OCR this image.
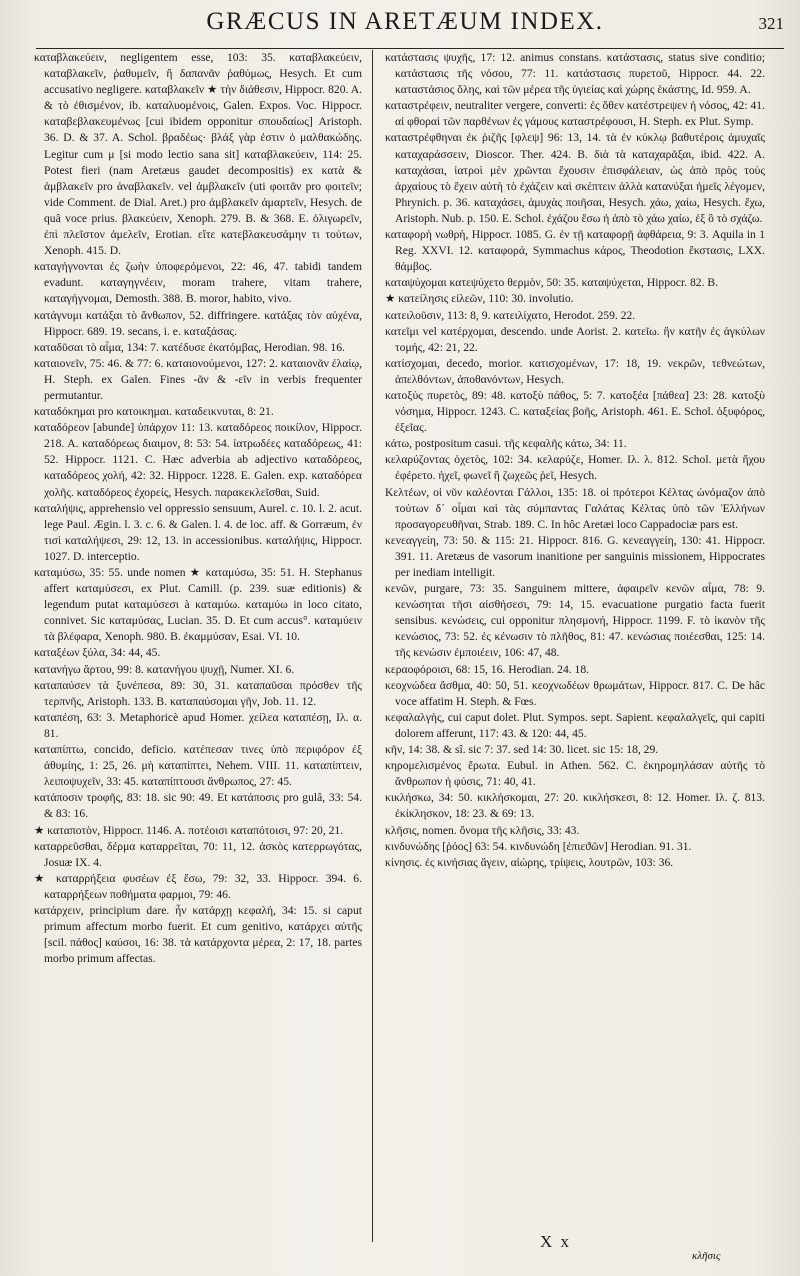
GRÆCUS IN ARETÆUM INDEX.	321

καταβλακεύειν, negligentem esse, 103: 35. καταβλακεύειν, καταβλακεῖν, ῥαθυμεῖν, ἢ δαπανᾶν ῥαθύμως, Hesych. Et cum accusativo negligere. καταβλακεῖν ★ τὴν διάθεσιν, Hippocr. 820. A. & τὸ ἐθισμένον, ib. καταλυομένοις, Galen. Expos. Voc. Hippocr. καταβεβλακευμένως [cui ibidem opponitur σπουδαίως] Aristoph. 36. D. & 37. A. Schol. βραδέως· βλάξ γὰρ ἐστιν ὁ μαλθακώδης. Legitur cum μ [si modo lectio sana sit] καταβλακεύειν, 114: 25. Potest fieri (nam Aretæus gaudet decompositis) ex κατὰ & ἀμβλακεῖν pro ἀναβλακεῖν. vel ἀμβλακεῖν (uti φοιτᾶν pro φοιτεῖν; vide Comment. de Dial. Aret.) pro ἀμβλακεῖν ἁμαρτεῖν, Hesych. de quâ voce prius. βλακεύειν, Xenoph. 279. B. & 368. E. ὀλιγωρεῖν, ἐπὶ πλεῖστον ἀμελεῖν, Erotian. εἴτε κατεβλακευσάμην τι τούτων, Xenoph. 415. D.

καταγήγνονται ἐς ζωὴν ὑποφερόμενοι, 22: 46, 47. tabidi tandem evadunt. καταγηγνέειν, moram trahere, vitam trahere, καταγήγνομαι, Demosth. 388. B. moror, habito, vivo.

κατάγνυμι κατάξαι τὸ ἄνθωπον, 52. diffringere. κατάξας τὸν αὐχένα, Hippocr. 689. 19. secans, i. e. καταξάσας.

καταδῦσαι τὸ αἷμα, 134: 7. κατέδυσε ἐκατόμβας, Herodian. 98. 16.

καταιονεῖν, 75: 46. & 77: 6. καταιονούμενοι, 127: 2. καταιονᾶν ἐλαίῳ, H. Steph. ex Galen. Fines -ᾶν & -εῖν in verbis frequenter permutantur.

καταδόκημαι pro κατοικημαι. καταδεικνυται, 8: 21.

καταδόρεον [abunde] ὑπάρχον 11: 13. καταδόρεος ποικίλον, Hippocr. 218. A. καταδόρεως διαιμον, 8: 53: 54. ἰατρωδέες καταδόρεως, 41: 52. Hippocr. 1121. C. Hæc adverbia ab adjectivo καταδόρεος, καταδόρεος χολή, 42: 32. Hippocr. 1228. E. Galen. exp. καταδόρεα χολῆς. καταδόρεος ἐχορείς, Hesych. παρακεκλεῖσθαι, Suid.

καταλήψις, apprehensio vel oppressio sensuum, Aurel. c. 10. l. 2. acut. lege Paul. Ægin. l. 3. c. 6. & Galen. l. 4. de loc. aff. & Gorræum, ἐν τισὶ καταλήψεσι, 29: 12, 13. in accessionibus. καταλήψις, Hippocr. 1027. D. interceptio.

καταμύσω, 35: 55. unde nomen ★ καταμύσω, 35: 51. H. Stephanus affert καταμύσεσι, ex Plut. Camill. (p. 239. suæ editionis) & legendum putat καταμύσεσι à καταμύω. καταμύω in loco citato, connivet. Sic καταμύσας, Lucian. 35. D. Et cum accus°. καταμύειν τὰ βλέφαρα, Xenoph. 980. B. ἐκαμμύσαν, Esai. VI. 10.

καταξέων ξύλα, 34: 44, 45.

κατανήγω ἄρτου, 99: 8. κατανήγου ψυχῇ, Numer. XI. 6.

καταπαύσεν τὰ ξυνέπεσα, 89: 30, 31. καταπαῦσαι πρόσθεν τῆς τερπνῆς, Aristoph. 133. B. καταπαύσομαι γῆν, Job. 11. 12.

καταπέση, 63: 3. Metaphoricè apud Homer. χείλεα καταπέσῃ, Ιλ. α. 81.

καταπίπτω, concido, deficio. κατέπεσαν τινες ὑπὸ περιφόρον ἐξ ἀθυμίης, 1: 25, 26. μὴ καταπίπτει, Nehem. VIII. 11. καταπίπτειν, λειποψυχεῖν, 33: 45. καταπίπτουσι ἄνθρωπος, 27: 45.

κατάποσιν τροφῆς, 83: 18. sic 90: 49. Et κατάποσις pro gulâ, 33: 54. & 83: 16.

★ καταποτὸν, Hippocr. 1146. A. ποτέοισι καταπότοισι, 97: 20, 21.

καταρρεῦσθαι, δέρμα καταρρεῖται, 70: 11, 12. ἀσκὸς κατερρωγότας, Josuæ IX. 4.

★ καταρρήξεια φυσέων ἐξ ἔσω, 79: 32, 33. Hippocr. 394. 6. καταρρήξεων ποθήματα φαρμοι, 79: 46.

κατάρχειν, principium dare. ἦν κατάρχῃ κεφαλή, 34: 15. si caput primum affectum morbo fuerit. Et cum genitivo, κατάρχει αὐτῆς [scil. πάθος] καύσοι, 16: 38. τὰ κατάρχοντα μέρεα, 2: 17, 18. partes morbo primum affectas.

κατάστασις ψυχῆς, 17: 12. animus constans. κατάστασις, status sive conditio; κατάστασις τῆς νόσου, 77: 11. κατάστασις πυρετοῦ, Hippocr. 44. 22. καταστάσιος ὅλης, καὶ τῶν μέρεα τῆς ὑγιείας καὶ χώρης ἑκάστης, Id. 959. A.

καταστρέφειν, neutraliter vergere, converti: ἐς ὅθεν κατέστρεψεν ἡ νόσος, 42: 41. αἱ φθοραὶ τῶν παρθένων ἐς γάμους καταστρέφουσι, H. Steph. ex Plut. Symp.

καταστρέφθηναι ἐκ ῥιζῆς [φλεψ] 96: 13, 14. τὰ ἐν κύκλῳ βαθυτέροις ἀμυχαῖς καταχαράσσειν, Dioscor. Ther. 424. B. διὰ τὰ καταχαρᾶξαι, ibid. 422. A. καταχάσαι, ἰατροὶ μὲν χρῶνται ἔχουσιν ἐπισφάλειαν, ὡς ἀπὸ πρὸς τοὺς ἀρχαίους τὸ ἔχειν αὐτὴ τὸ ἐχάζειν καὶ σκέπτειν ἀλλὰ κατανύξαι ἡμεῖς λέγομεν, Phrynich. p. 36. καταχάσει, ἀμυχὰς ποιῆσαι, Hesych. χάω, χαίω, Hesych. ἔχω, Aristoph. Nub. p. 150. E. Schol. ἐχάζου ἔσω ἡ ἀπὸ τὸ χάω χαίω, ἐξ ὃ τὸ σχάζω.

καταφορὴ νωθρὴ, Hippocr. 1085. G. ἐν τῇ καταφορῇ ἀφθάρεια, 9: 3. Aquila in 1 Reg. XXVI. 12. καταφορά, Symmachus κάρος, Theodotion ἔκστασις, LXX. θάμβος.

καταψύχομαι κατεψύχετο θερμὸν, 50: 35. καταψύχεται, Hippocr. 82. B.

★ κατείλησις εἰλεῶν, 110: 30. involutio.

κατειλοῦσιν, 113: 8, 9. κατειλίχατο, Herodot. 259. 22.

κατεῖμι vel κατέρχομαι, descendo. unde Aorist. 2. κατεῖω. ἣν κατῆν ἐς ἀγκύλων τομής, 42: 21, 22.

κατίσχομαι, decedo, morior. κατισχομένων, 17: 18, 19. νεκρῶν, τεθνεώτων, ἀπελθόντων, ἀποθανόντων, Hesych.

κατοξύς πυρετὸς, 89: 48. κατοξὺ πάθος, 5: 7. κατοξέα [πάθεα] 23: 28. κατοξὺ νόσημα, Hippocr. 1243. C. καταξείας βοῆς, Aristoph. 461. E. Schol. ὀξυφόρος, ἐξεῖας.

κάτω, postpositum casui. τῆς κεφαλῆς κάτω, 34: 11.

κελαρύζοντας ὀχετὸς, 102: 34. κελαρύζε, Homer. Ιλ. λ. 812. Schol. μετὰ ἤχου ἐφέρετο. ἠχεῖ, φωνεῖ ἢ ζωχεῶς ῥεῖ, Hesych.

Κελτέων, οἱ νῦν καλέονται Γάλλοι, 135: 18. οἱ πρότεροι Κέλτας ὠνόμαζον ἀπὸ τούτων δ᾽ οἶμαι καὶ τὰς σύμπαντας Γαλάτας Κέλτας ὑπὸ τῶν Ἑλλήνων προσαγορευθῆναι, Strab. 189. C. In hôc Aretæi loco Cappadociæ pars est.

κενεαγγείη, 73: 50. & 115: 21. Hippocr. 816. G. κενεαγγείη, 130: 41. Hippocr. 391. 11. Aretæus de vasorum inanitione per sanguinis missionem, Hippocrates per inediam intelligit.

κενῶν, purgare, 73: 35. Sanguinem mittere, ἀφαιρεῖν κενῶν αἷμα, 78: 9. κενώσηται τῆσι αἰσθήσεσι, 79: 14, 15. evacuatione purgatio facta fuerit sensibus. κενώσεις, cui opponitur πλησμονή, Hippocr. 1199. F. τὸ ἱκανὸν τῆς κενώσιος, 73: 52. ἐς κένωσιν τὸ πλῆθος, 81: 47. κενώσιας ποιέεσθαι, 125: 14. τῆς κενώσιν ἐμποιέειν, 106: 47, 48.

κεραοφόροισι, 68: 15, 16. Herodian. 24. 18.

κεοχνώδεα ἄσθμα, 40: 50, 51. κεοχνωδέων θρωμάτων, Hippocr. 817. C. De hâc voce affatim H. Steph. & Fœs.

κεφαλαλγὴς, cui caput dolet. Plut. Sympos. sept. Sapient. κεφαλαλγεῖς, qui capiti dolorem afferunt, 117: 43. & 120: 44, 45.

κῆν, 14: 38. & sî. sic 7: 37. sed 14: 30. licet. sic 15: 18, 29.

κηρομελισμένος ἔρωτα. Eubul. in Athen. 562. C. ἐκηρομηλάσαν αὐτῆς τὸ ἄνθρωπον ἡ φύσις, 71: 40, 41.

κικλήσκω, 34: 50. κικλήσκομαι, 27: 20. κικλήσκεσι, 8: 12. Homer. Ιλ. ζ. 813. ἐκίκλησκον, 18: 23. & 69: 13.

κλῆσις, nomen. ὄνομα τῆς κλῆσις, 33: 43.

κινδυνώδης [ῥόος] 63: 54. κινδυνώδη [ἐπιεϑῶν] Herodian. 91. 31.

κίνησις. ἐς κινήσιας ἄγειν, αἰώρης, τρίψεις, λουτρῶν, 103: 36.

X x
κλῆσις
